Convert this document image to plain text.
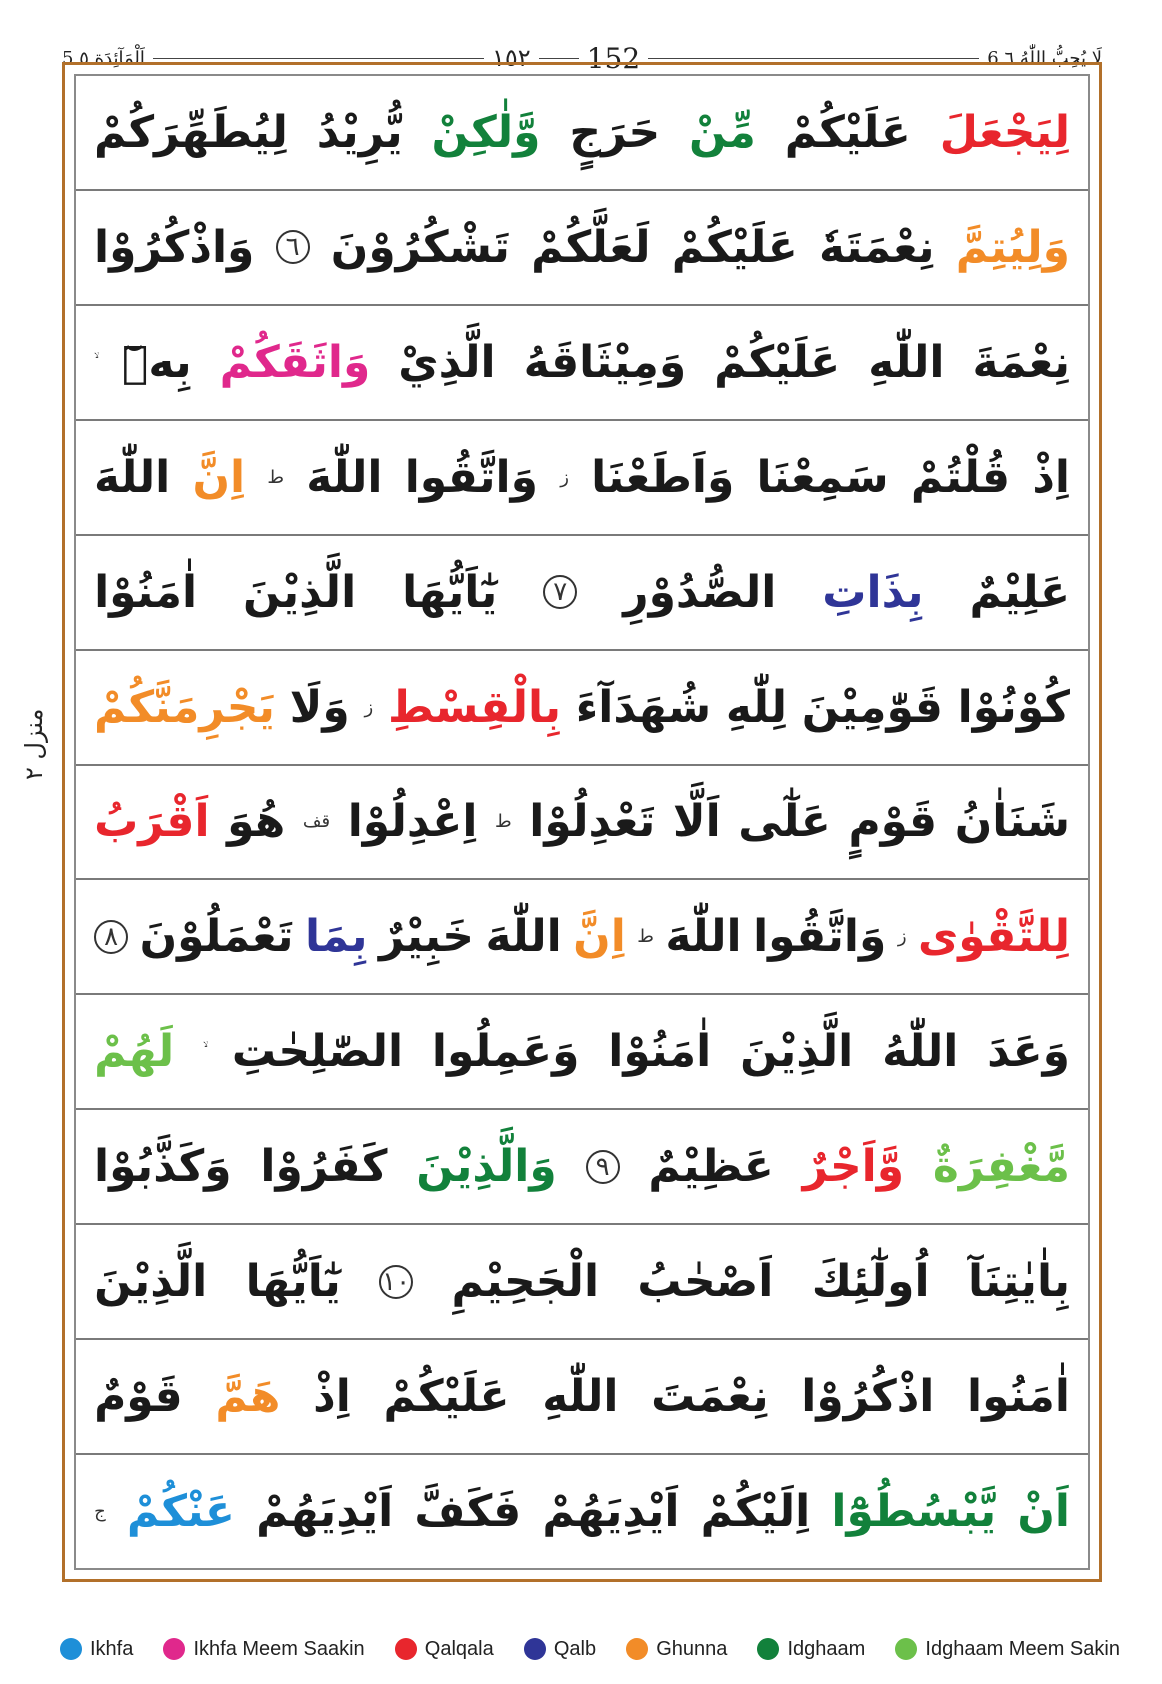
5 اَلْمَآئِدَة ٥	١٥٢ 152	6 لَا يُحِبُّ اللّٰهُ ٦
لِيَجْعَلَ
عَلَيْكُمْ
مِّنْ
حَرَجٍ
وَّلٰكِنْ
يُّرِيْدُ
لِيُطَهِّرَكُمْ
وَلِيُتِمَّ
نِعْمَتَهٗ
عَلَيْكُمْ
لَعَلَّكُمْ
تَشْكُرُوْنَ
٦
وَاذْكُرُوْا
نِعْمَةَ
اللّٰهِ
عَلَيْكُمْ
وَمِيْثَاقَهُ
الَّذِيْ
وَاثَقَكُمْ
بِهٖٓ
اِذْ
قُلْتُمْ
سَمِعْنَا
وَاَطَعْنَا
ز
وَاتَّقُوا
اللّٰهَ
ط
اِنَّ
اللّٰهَ
عَلِيْمٌ
بِذَاتِ
الصُّدُوْرِ
٧
يٰٓاَيُّهَا
الَّذِيْنَ
اٰمَنُوْا
كُوْنُوْا
قَوّٰمِيْنَ
لِلّٰهِ
شُهَدَآءَ
بِالْقِسْطِ
ز
وَلَا
يَجْرِمَنَّكُمْ
شَنَاٰنُ
قَوْمٍ
عَلٰٓى
اَلَّا
تَعْدِلُوْا
ط
اِعْدِلُوْا
قف
هُوَ
اَقْرَبُ
لِلتَّقْوٰى
ز
وَاتَّقُوا
اللّٰهَ
ط
اِنَّ
اللّٰهَ
خَبِيْرٌ
بِمَا
تَعْمَلُوْنَ
٨
وَعَدَ
اللّٰهُ
الَّذِيْنَ
اٰمَنُوْا
وَعَمِلُوا
الصّٰلِحٰتِ
لَهُمْ
مَّغْفِرَةٌ
وَّاَجْرٌ
عَظِيْمٌ
٩
وَالَّذِيْنَ
كَفَرُوْا
وَكَذَّبُوْا
بِاٰيٰتِنَآ
اُولٰٓئِكَ
اَصْحٰبُ
الْجَحِيْمِ
١٠
يٰٓاَيُّهَا
الَّذِيْنَ
اٰمَنُوا
اذْكُرُوْا
نِعْمَتَ
اللّٰهِ
عَلَيْكُمْ
اِذْ
هَمَّ
قَوْمٌ
اَنْ
يَّبْسُطُوْٓا
اِلَيْكُمْ
اَيْدِيَهُمْ
فَكَفَّ
اَيْدِيَهُمْ
عَنْكُمْ
ج
منزل ٢
Ikhfa	Ikhfa Meem Saakin	Qalqala	Qalb	Ghunna	Idghaam	Idghaam Meem Sakin
